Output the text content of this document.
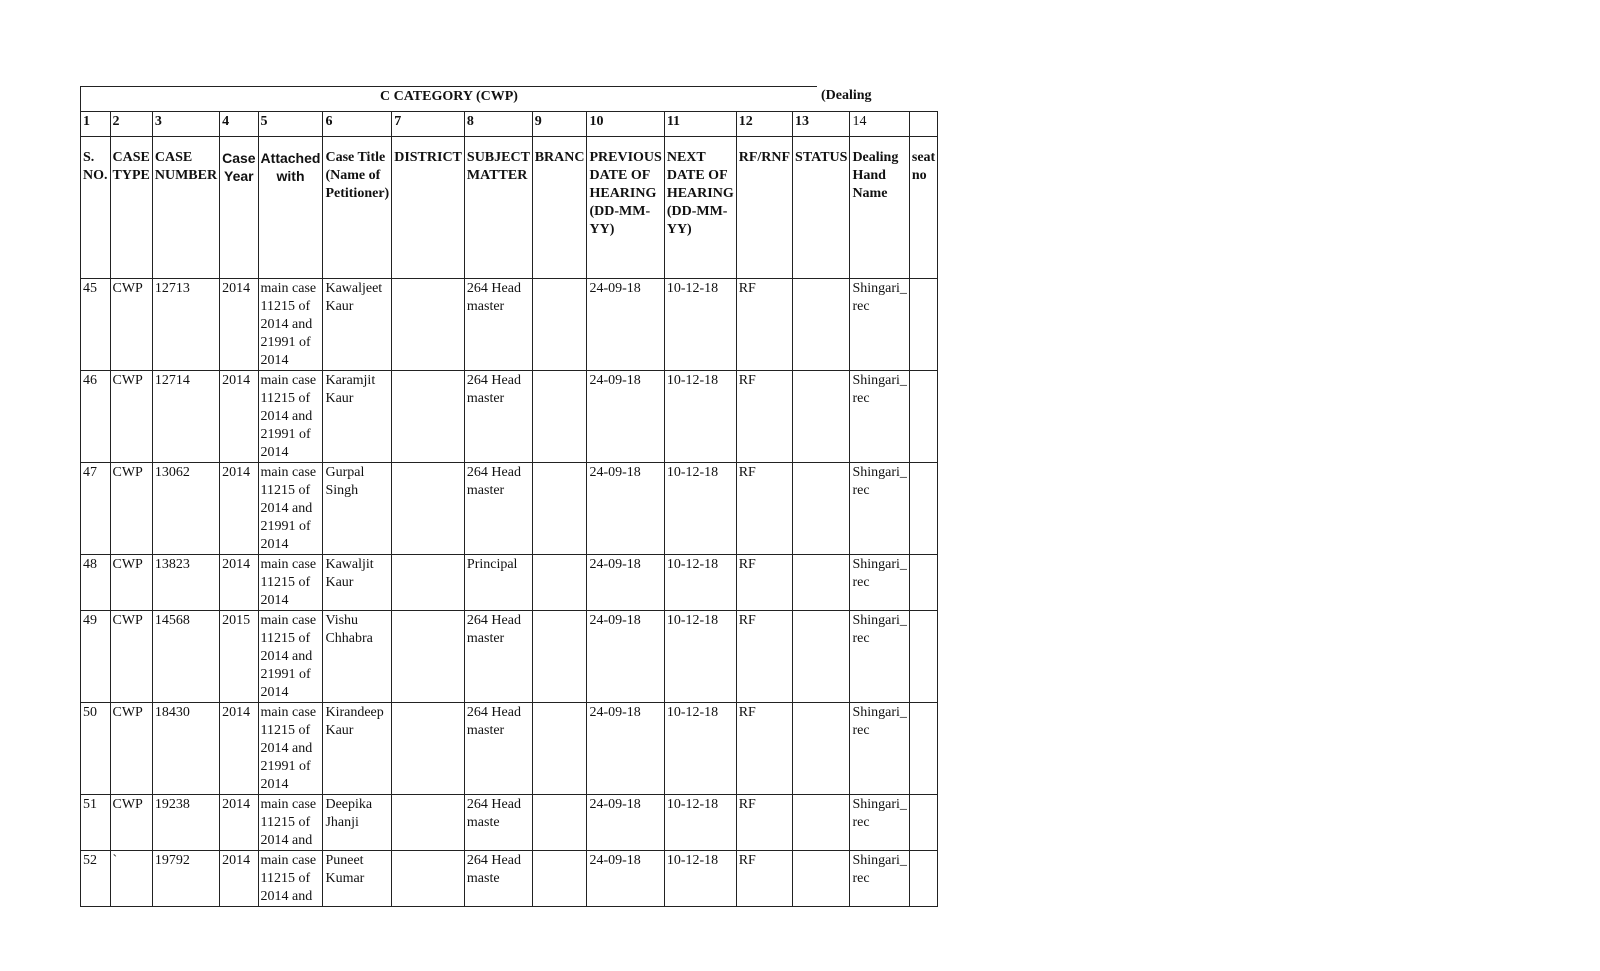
C CATEGORY (CWP)	(Dealing
1	2	3	4	5	6	7	8	9	10	11	12	13	14	
S. NO.	CASE TYPE	CASE NUMBER	Case Year	Attached with	Case Title (Name of Petitioner)	DISTRICT	SUBJECT MATTER	BRANC	PREVIOUS DATE OF HEARING (DD-MM-YY)	NEXT DATE OF HEARING (DD-MM-YY)	RF/RNF	STATUS	Dealing Hand Name	seat no
45	CWP	12713	2014	main case 11215 of 2014 and 21991 of 2014	Kawaljeet Kaur		264 Head master		24-09-18	10-12-18	RF		Shingari_ rec	
46	CWP	12714	2014	main case 11215 of 2014 and 21991 of 2014	Karamjit Kaur		264 Head master		24-09-18	10-12-18	RF		Shingari_ rec	
47	CWP	13062	2014	main case 11215 of 2014 and 21991 of 2014	Gurpal Singh		264 Head master		24-09-18	10-12-18	RF		Shingari_ rec	
48	CWP	13823	2014	main case 11215 of 2014	Kawaljit Kaur		Principal		24-09-18	10-12-18	RF		Shingari_ rec	
49	CWP	14568	2015	main case 11215 of 2014 and 21991 of 2014	Vishu Chhabra		264 Head master		24-09-18	10-12-18	RF		Shingari_ rec	
50	CWP	18430	2014	main case 11215 of 2014 and 21991 of 2014	Kirandeep Kaur		264 Head master		24-09-18	10-12-18	RF		Shingari_ rec	
51	CWP	19238	2014	main case 11215 of 2014 and	Deepika Jhanji		264 Head maste		24-09-18	10-12-18	RF		Shingari_ rec	
52	`	19792	2014	main case 11215 of 2014 and	Puneet Kumar		264 Head maste		24-09-18	10-12-18	RF		Shingari_ rec	
